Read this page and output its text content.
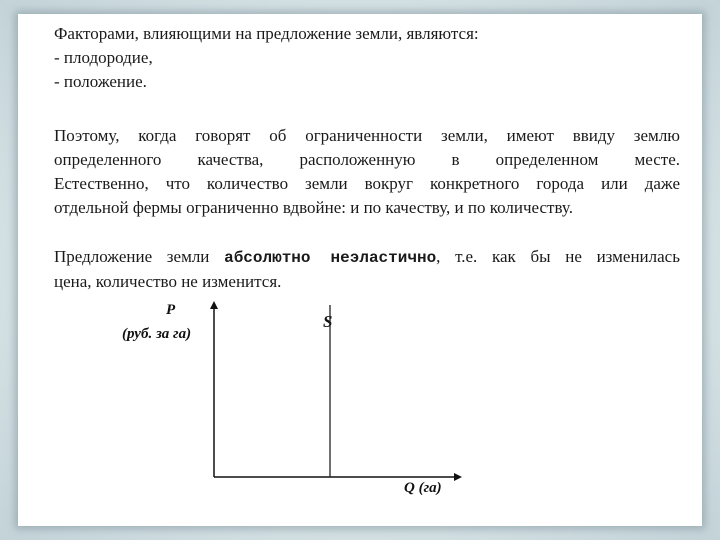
Факторами, влияющими на предложение земли, являются:
- плодородие,
- положение.
Поэтому, когда говорят об ограниченности земли, имеют ввиду землю
определенного качества, расположенную в определенном месте.
Естественно, что количество земли вокруг конкретного города или даже
отдельной фермы ограниченно вдвойне: и по качеству, и по количеству.
Предложение земли абсолютно неэластично, т.е. как бы не изменилась
цена, количество не изменится.
P
(руб. за га)
Q (га)
S
